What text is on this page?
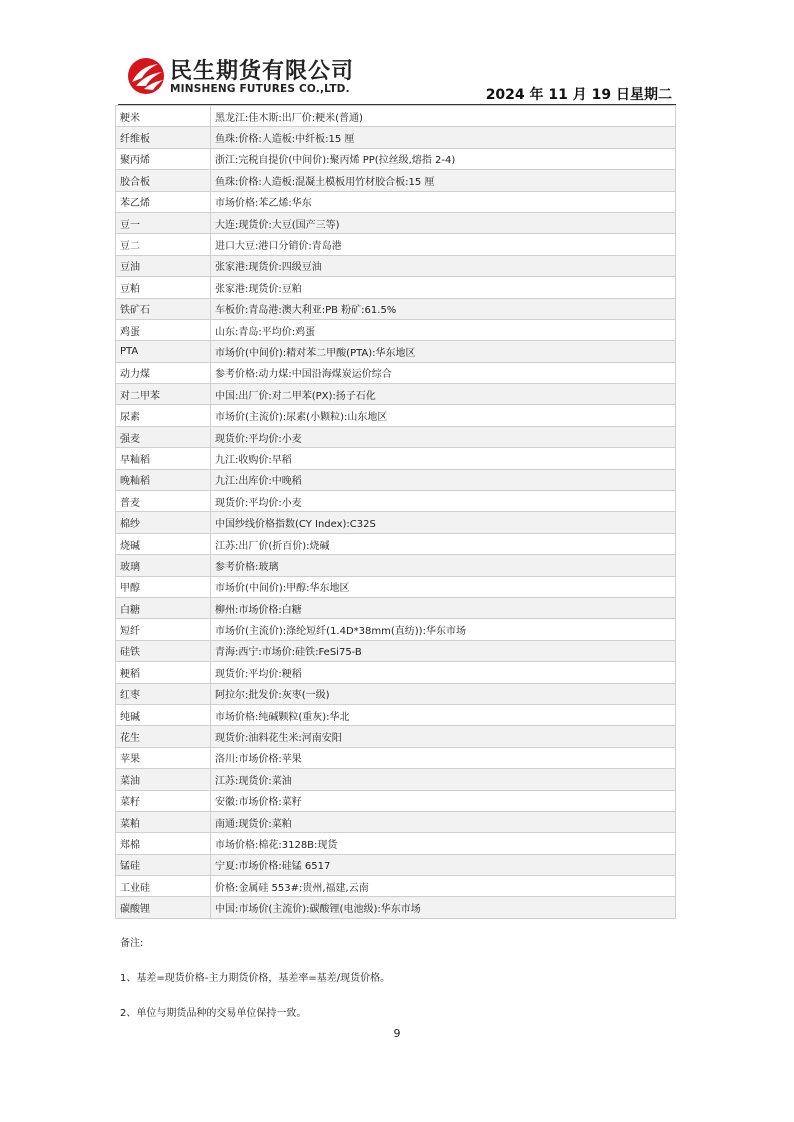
民生期货有限公司
MINSHENG FUTURES CO.,LTD.	2024 年 11 月 19 日星期二
粳米	黑龙江:佳木斯:出厂价:粳米(普通)
纤维板	鱼珠:价格:人造板:中纤板:15 厘
聚丙烯	浙江:完税自提价(中间价):聚丙烯 PP(拉丝级,熔指 2-4)
胶合板	鱼珠:价格:人造板:混凝土模板用竹材胶合板:15 厘
苯乙烯	市场价格:苯乙烯:华东
豆一	大连:现货价:大豆(国产三等)
豆二	进口大豆:港口分销价:青岛港
豆油	张家港:现货价:四级豆油
豆粕	张家港:现货价:豆粕
铁矿石	车板价:青岛港:澳大利亚:PB 粉矿:61.5%
鸡蛋	山东:青岛:平均价:鸡蛋
PTA	市场价(中间价):精对苯二甲酸(PTA):华东地区
动力煤	参考价格:动力煤:中国沿海煤炭运价综合
对二甲苯	中国:出厂价:对二甲苯(PX):扬子石化
尿素	市场价(主流价):尿素(小颗粒):山东地区
强麦	现货价:平均价:小麦
早籼稻	九江:收购价:早稻
晚籼稻	九江:出库价:中晚稻
普麦	现货价:平均价:小麦
棉纱	中国纱线价格指数(CY Index):C32S
烧碱	江苏:出厂价(折百价):烧碱
玻璃	参考价格:玻璃
甲醇	市场价(中间价):甲醇:华东地区
白糖	柳州:市场价格:白糖
短纤	市场价(主流价):涤纶短纤(1.4D*38mm(直纺)):华东市场
硅铁	青海:西宁:市场价:硅铁:FeSi75-B
粳稻	现货价:平均价:粳稻
红枣	阿拉尔:批发价:灰枣(一级)
纯碱	市场价格:纯碱颗粒(重灰):华北
花生	现货价:油料花生米:河南安阳
苹果	洛川:市场价格:苹果
菜油	江苏:现货价:菜油
菜籽	安徽:市场价格:菜籽
菜粕	南通:现货价:菜粕
郑棉	市场价格:棉花:3128B:现货
锰硅	宁夏:市场价格:硅锰 6517
工业硅	价格:金属硅 553#:贵州,福建,云南
碳酸锂	中国:市场价(主流价):碳酸锂(电池级):华东市场

备注:

1、基差=现货价格-主力期货价格，基差率=基差/现货价格。

2、单位与期货品种的交易单位保持一致。

9
